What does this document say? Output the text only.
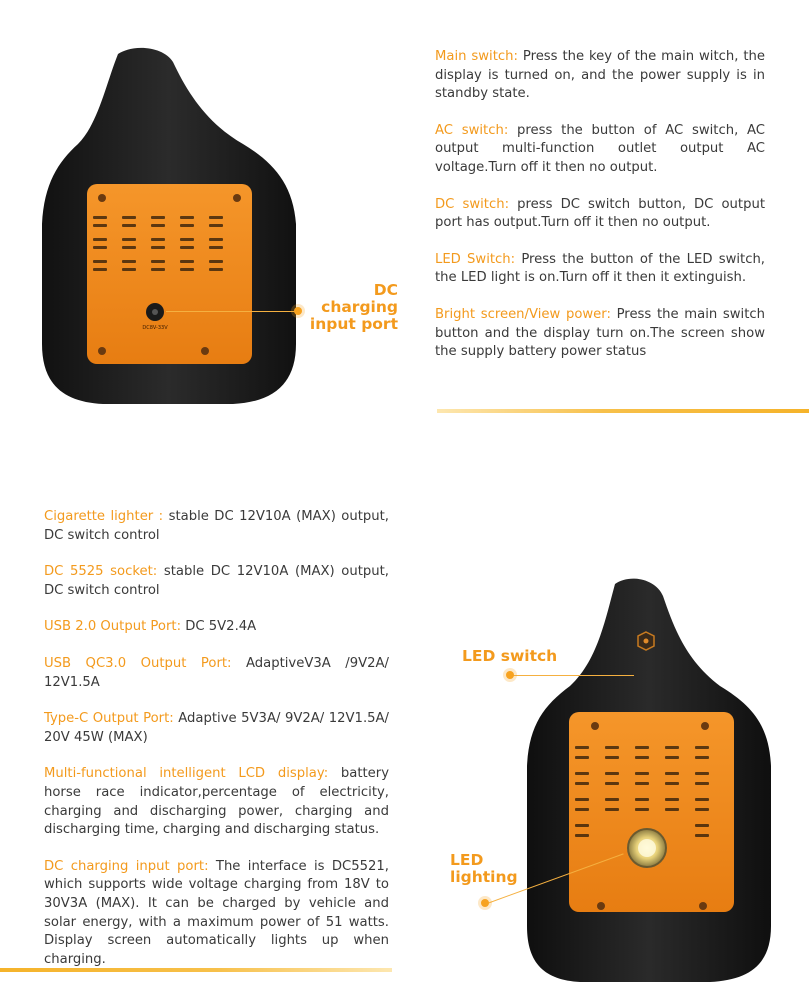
DC8V-33V
DC charging
input port

Main switch: Press the key of the main witch, the display is turned on, and the power supply is in standby state.

AC switch: press the button of AC switch, AC output multi-function outlet output AC voltage.Turn off it then no output.

DC switch: press DC switch button, DC output port has output.Turn off it then no output.

LED Switch: Press the button of the LED switch, the LED light is on.Turn off it then it extinguish.

Bright screen/View power: Press the main switch button and the display turn on.The screen show the supply battery power status

Cigarette lighter : stable DC 12V10A (MAX) output, DC switch control

DC 5525 socket: stable DC 12V10A (MAX) output, DC switch control

USB 2.0 Output Port: DC 5V2.4A

USB QC3.0 Output Port: AdaptiveV3A /9V2A/ 12V1.5A

Type-C Output Port: Adaptive 5V3A/ 9V2A/ 12V1.5A/ 20V 45W (MAX)

Multi-functional intelligent LCD display: battery horse race indicator,percentage of electricity, charging and discharging power, charging and discharging time, charging and discharging status.

DC charging input port: The interface is DC5521, which supports wide voltage charging from 18V to 30V3A (MAX). It can be charged by vehicle and solar energy, with a maximum power of 51 watts. Display screen automatically lights up when charging.

LED switch
LED
lighting
